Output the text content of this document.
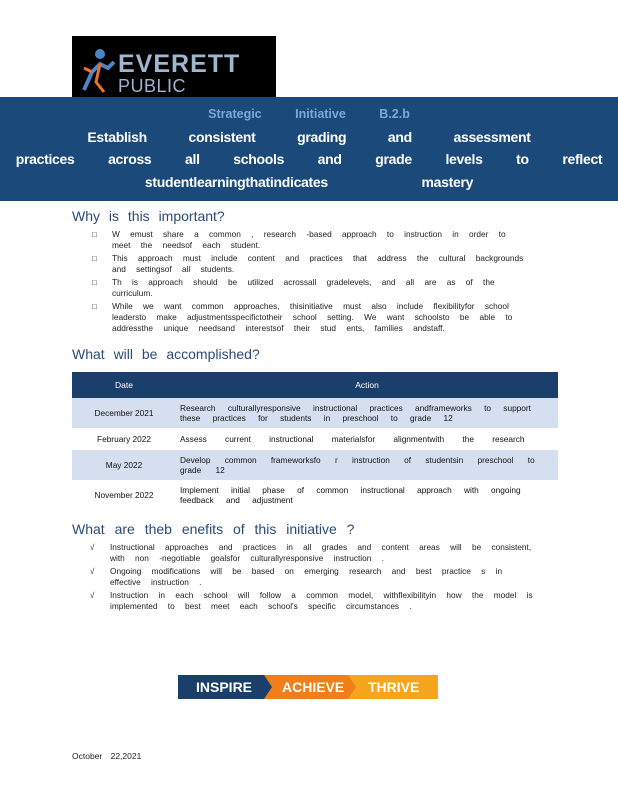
EVERETT
PUBLIC
Strategic Initiative B.2.b
Establish consistent grading and assessment
practices across all schools and grade levels to reflect
studentlearningthatindicates mastery
Why is this important?
□ W emust share a common , research -based approach to instruction in order to meet the needsof each student.
□ This approach must include content and practices that address the cultural backgrounds and settingsof all students.
□ Th is approach should be utilized acrossall gradelevels, and all are as of the curriculum.
□ While we want common approaches, thisinitiative must also include flexibilityfor school leadersto make adjustmentsspecifictotheir school setting. We want schoolsto be able to addressthe unique needsand interestsof their stud ents, families andstaff.
What will be accomplished?
Date	Action
December 2021	Research culturallyresponsive instructional practices andframeworks to support these practices for students in preschool to grade 12
February 2022	Assess current instructional materialsfor alignmentwith the research
May 2022	Develop common frameworksfo r instruction of studentsin preschool to grade 12
November 2022	Implement initial phase of common instructional approach with ongoing feedback and adjustment
What are theb enefits of this initiative ?
√ Instructional approaches and practices in all grades and content areas will be consistent, with non -negotiable goalsfor culturallyresponsive instruction .
√ Ongoing modifications will be based on emerging research and best practice s in effective instruction .
√ Instruction in each school will follow a common model, withflexibilityin how the model is implemented to best meet each school's specific circumstances .
INSPIRE ACHIEVE THRIVE
October 22,2021
